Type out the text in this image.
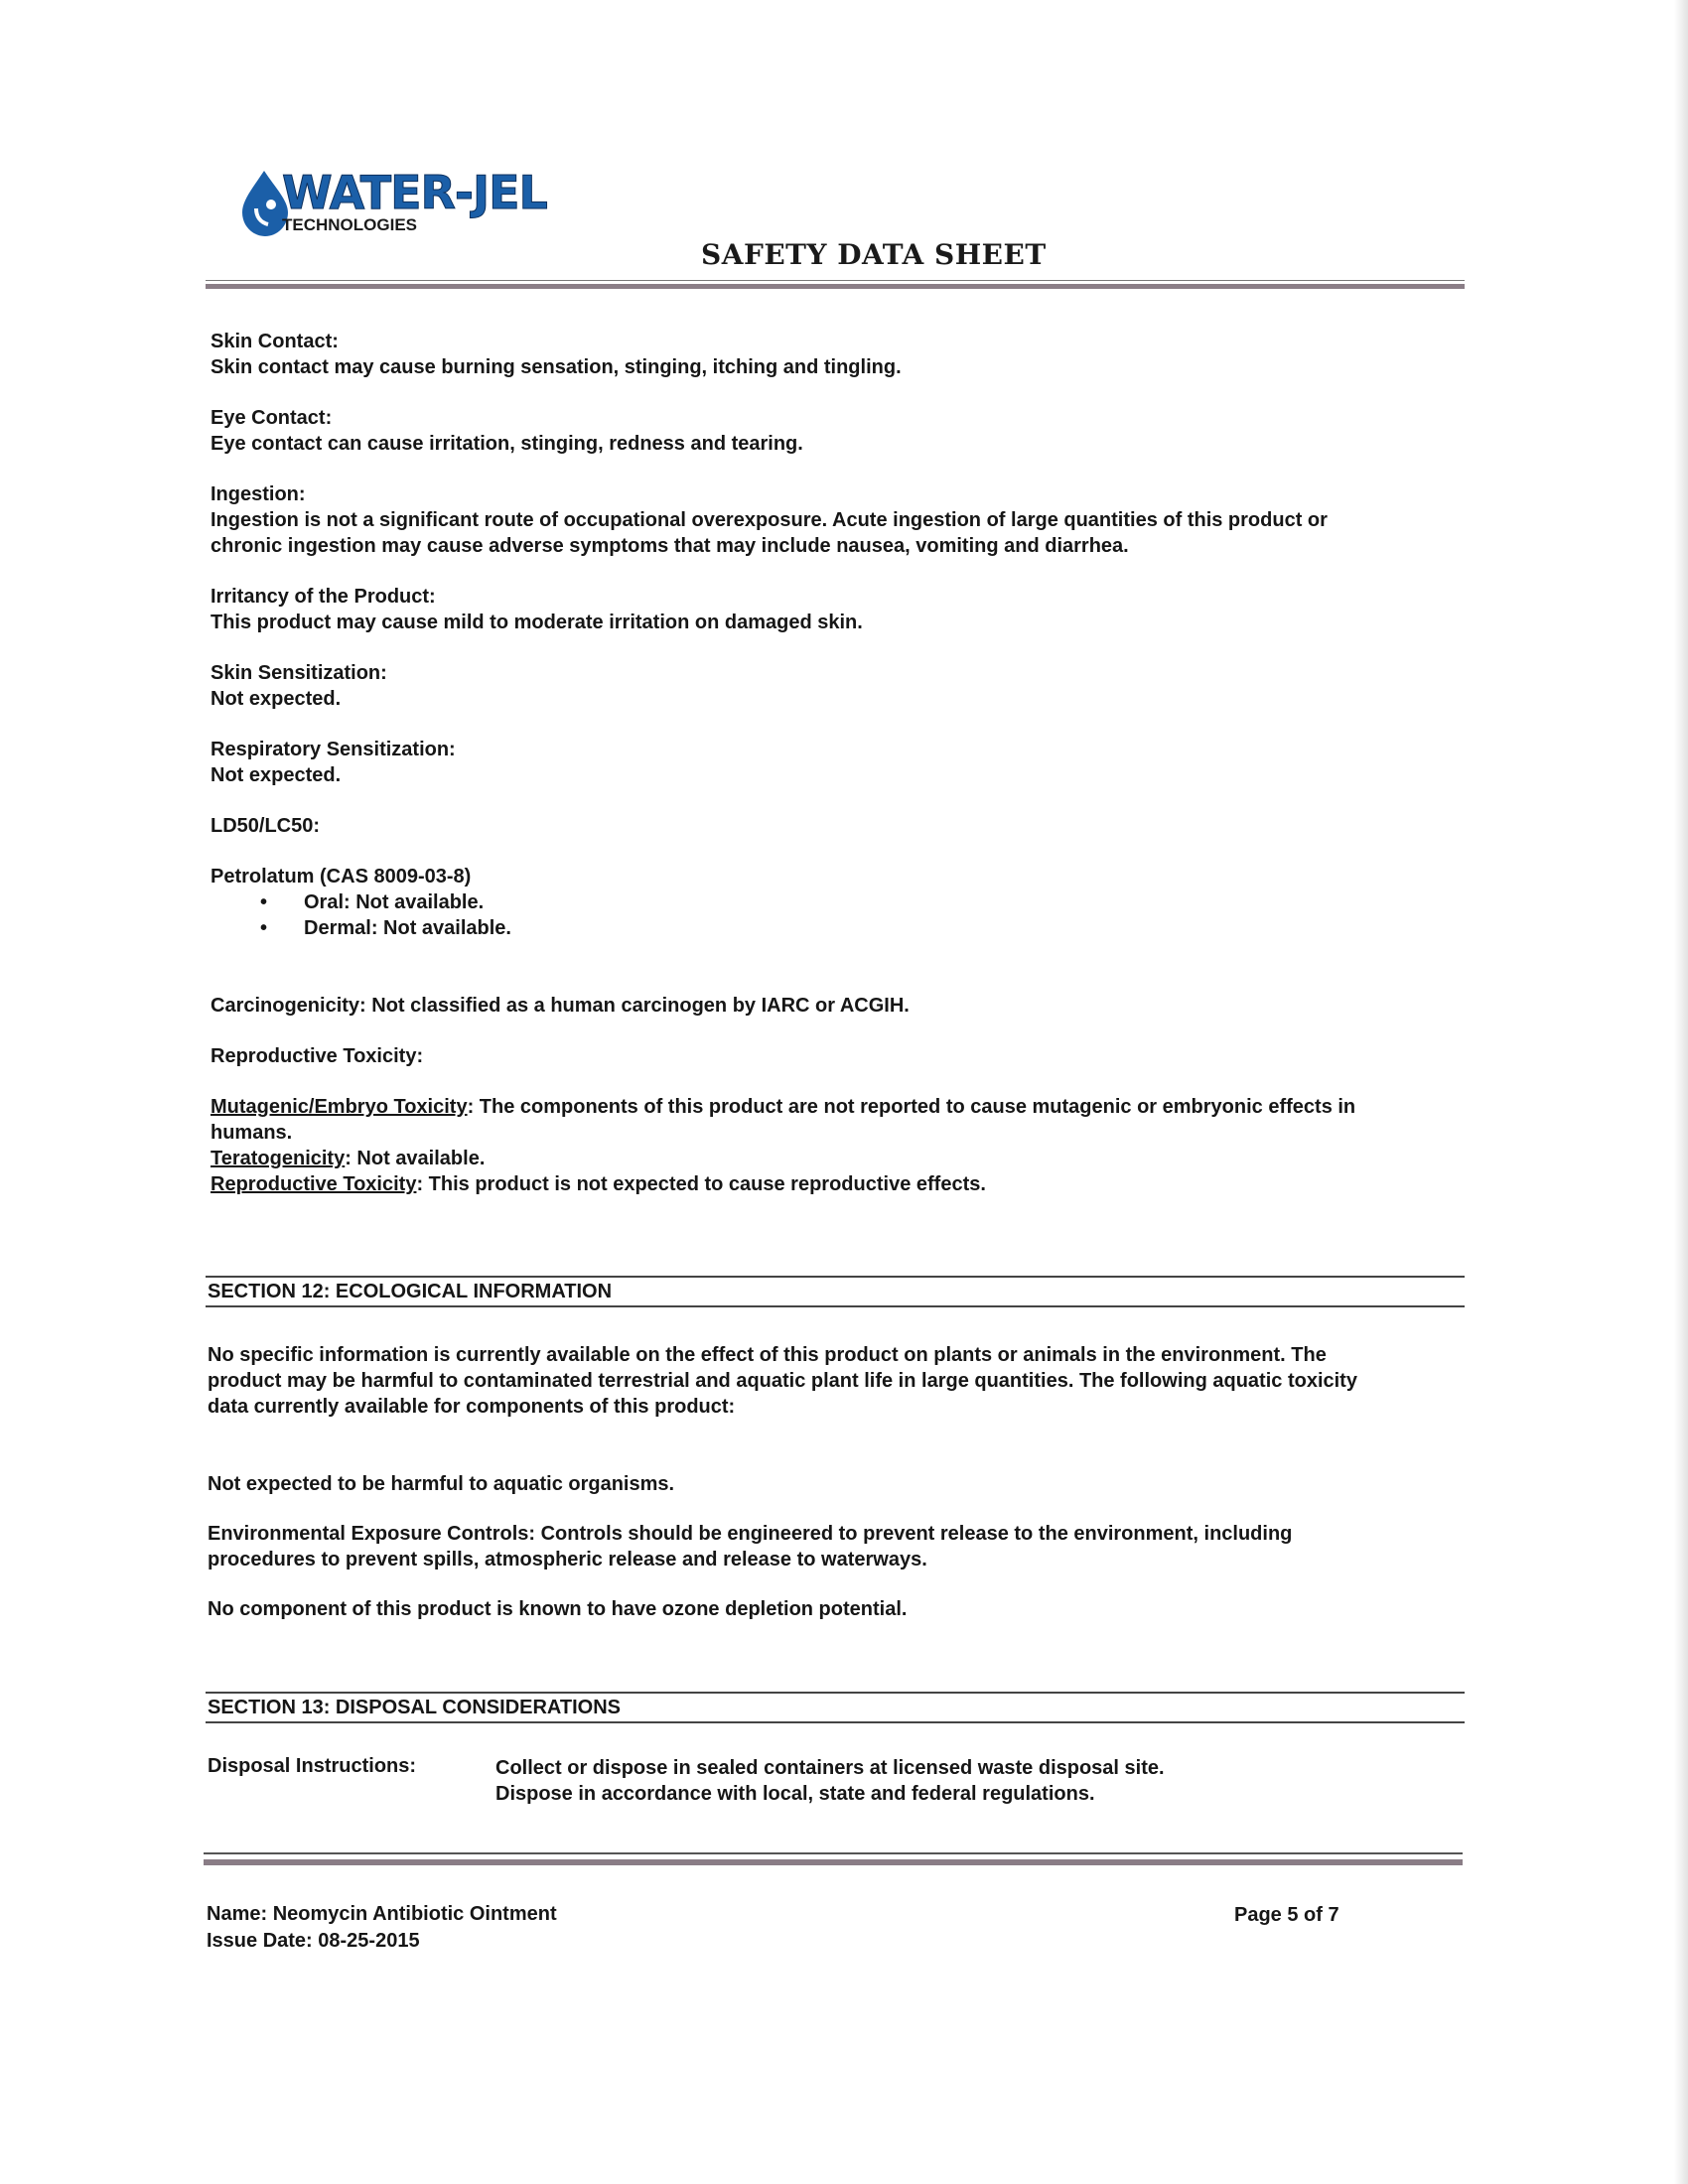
WATER-JEL
TECHNOLOGIES
SAFETY DATA SHEET

Skin Contact:

Skin contact may cause burning sensation, stinging, itching and tingling.

Eye Contact:

Eye contact can cause irritation, stinging, redness and tearing.

Ingestion:

Ingestion is not a significant route of occupational overexposure. Acute ingestion of large quantities of this product or

chronic ingestion may cause adverse symptoms that may include nausea, vomiting and diarrhea.

Irritancy of the Product:

This product may cause mild to moderate irritation on damaged skin.

Skin Sensitization:

Not expected.

Respiratory Sensitization:

Not expected.

LD50/LC50:

Petrolatum (CAS 8009-03-8)

• Oral: Not available.
• Dermal: Not available.

Carcinogenicity: Not classified as a human carcinogen by IARC or ACGIH.

Reproductive Toxicity:

Mutagenic/Embryo Toxicity: The components of this product are not reported to cause mutagenic or embryonic effects in

humans.

Teratogenicity: Not available.

Reproductive Toxicity: This product is not expected to cause reproductive effects.

SECTION 12: ECOLOGICAL INFORMATION

No specific information is currently available on the effect of this product on plants or animals in the environment. The

product may be harmful to contaminated terrestrial and aquatic plant life in large quantities. The following aquatic toxicity

data currently available for components of this product:

Not expected to be harmful to aquatic organisms.

Environmental Exposure Controls: Controls should be engineered to prevent release to the environment, including

procedures to prevent spills, atmospheric release and release to waterways.

No component of this product is known to have ozone depletion potential.

SECTION 13: DISPOSAL CONSIDERATIONS
Disposal Instructions:	Collect or dispose in sealed containers at licensed waste disposal site.

Dispose in accordance with local, state and federal regulations.

Name: Neomycin Antibiotic Ointment
Issue Date: 08-25-2015
Page 5 of 7
